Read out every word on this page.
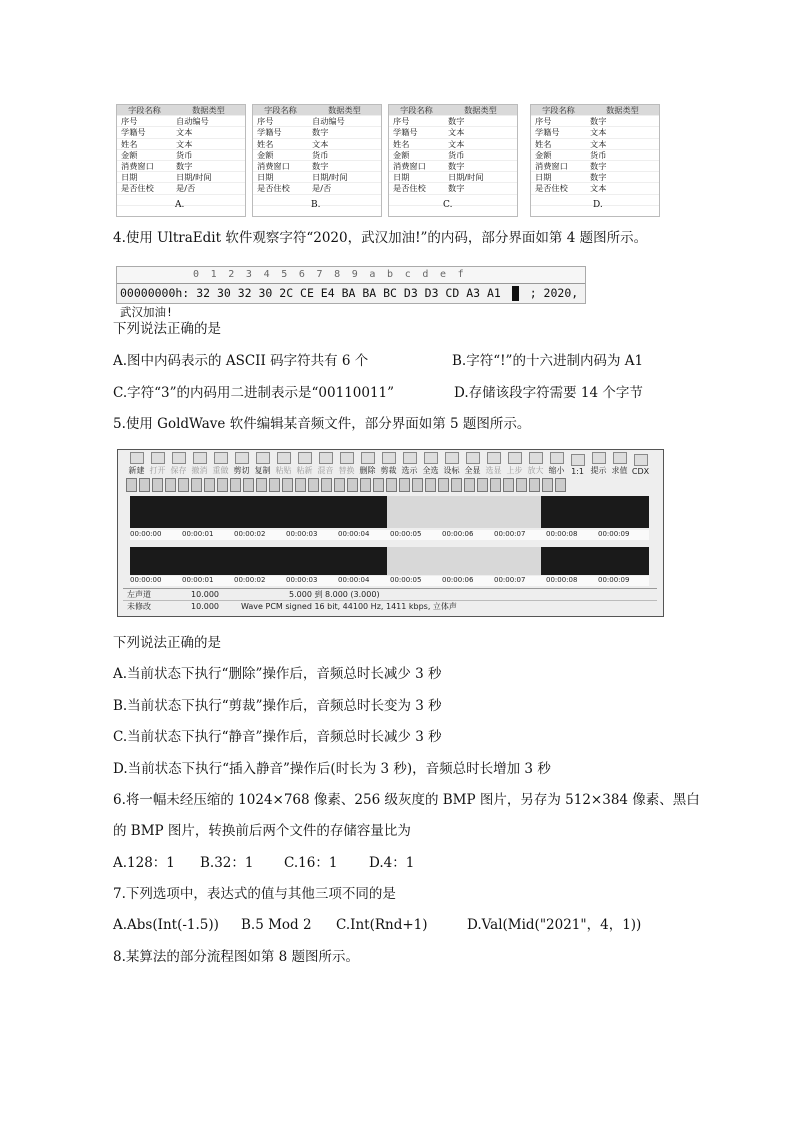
字段名称	数据类型
序号	自动编号
学籍号	文本
姓名	文本
金额	货币
消费窗口	数字
日期	日期/时间
是否住校	是/否
A.
字段名称	数据类型
序号	自动编号
学籍号	数字
姓名	文本
金额	货币
消费窗口	数字
日期	日期/时间
是否住校	是/否
B.
字段名称	数据类型
序号	数字
学籍号	文本
姓名	文本
金额	货币
消费窗口	数字
日期	日期/时间
是否住校	数字
C.
字段名称	数据类型
序号	数字
学籍号	文本
姓名	文本
金额	货币
消费窗口	数字
日期	数字
是否住校	文本
D.
4.使用 UltraEdit 软件观察字符“2020，武汉加油!”的内码，部分界面如第 4 题图所示。
0 1 2 3 4 5 6 7 8 9 a b c d e f
00000000h: 32 30 32 30 2C CE E4 BA BA BC D3 D3 CD A3 A1	; 2020,武汉加油!
下列说法正确的是
A.图中内码表示的 ASCII 码字符共有 6 个	B.字符“!”的十六进制内码为 A1
C.字符“3”的内码用二进制表示是“00110011”	D.存储该段字符需要 14 个字节
5.使用 GoldWave 软件编辑某音频文件，部分界面如第 5 题图所示。
新建 打开 保存 撤消 重做 剪切 复制 粘贴 粘新 混音 替换 删除 剪裁 选示 全选 设标 全显 选显 上步 放大 缩小 1:1 提示 求值 CDX
00:00:00	00:00:01	00:00:02	00:00:03	00:00:04	00:00:05	00:00:06	00:00:07	00:00:08	00:00:09
00:00:00	00:00:01	00:00:02	00:00:03	00:00:04	00:00:05	00:00:06	00:00:07	00:00:08	00:00:09
左声道	10.000	5.000 到 8.000 (3.000)
未修改	10.000	Wave PCM signed 16 bit, 44100 Hz, 1411 kbps, 立体声
下列说法正确的是
A.当前状态下执行“删除”操作后，音频总时长减少 3 秒
B.当前状态下执行“剪裁”操作后，音频总时长变为 3 秒
C.当前状态下执行“静音”操作后，音频总时长减少 3 秒
D.当前状态下执行“插入静音”操作后(时长为 3 秒)，音频总时长增加 3 秒
6.将一幅未经压缩的 1024×768 像素、256 级灰度的 BMP 图片，另存为 512×384 像素、黑白
的 BMP 图片，转换前后两个文件的存储容量比为
A.128：1 B.32：1 C.16：1 D.4：1
7.下列选项中，表达式的值与其他三项不同的是
A.Abs(Int(-1.5)) B.5 Mod 2 C.Int(Rnd+1)	D.Val(Mid("2021"，4，1))
8.某算法的部分流程图如第 8 题图所示。
